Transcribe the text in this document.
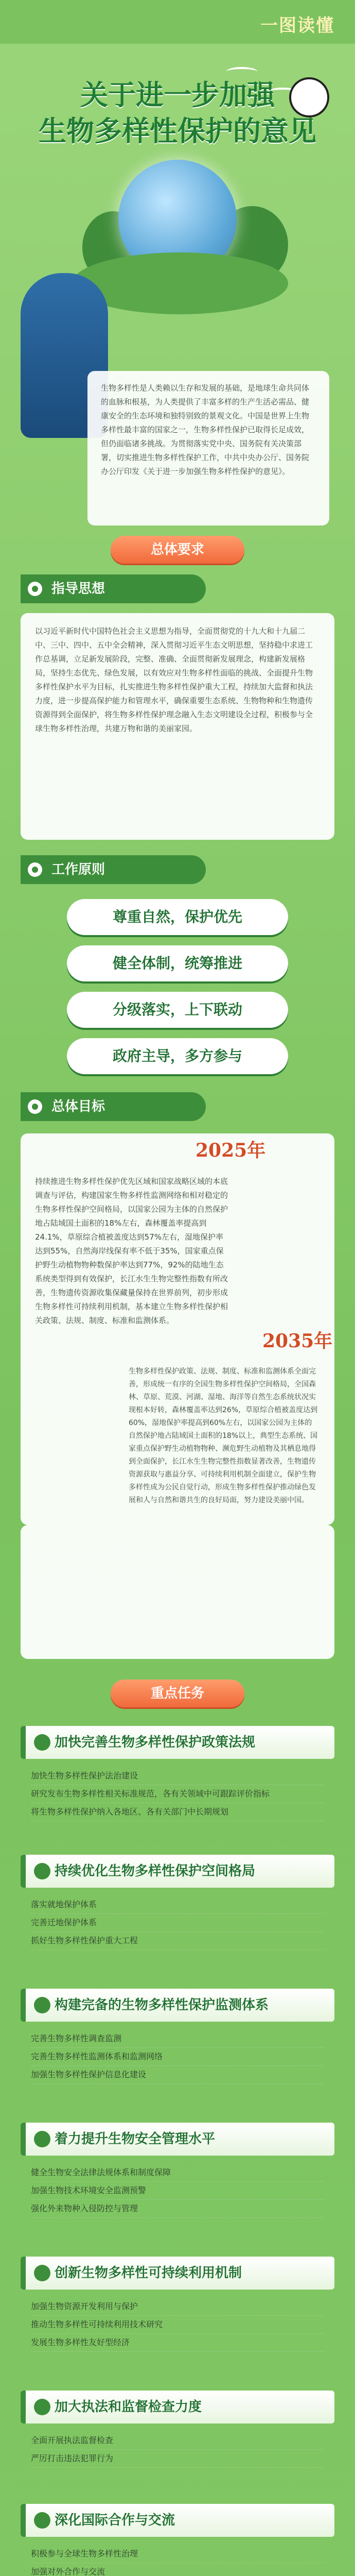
一图读懂
关于进一步加强
生物多样性保护的意见
生物多样性是人类赖以生存和发展的基础，是地球生命共同体的血脉和根基，为人类提供了丰富多样的生产生活必需品、健康安全的生态环境和独特别致的景观文化。中国是世界上生物多样性最丰富的国家之一，生物多样性保护已取得长足成效，但仍面临诸多挑战。为贯彻落实党中央、国务院有关决策部署，切实推进生物多样性保护工作，中共中央办公厅、国务院办公厅印发《关于进一步加强生物多样性保护的意见》。
总体要求
指导思想

以习近平新时代中国特色社会主义思想为指导，全面贯彻党的十九大和十九届二中、三中、四中、五中全会精神，深入贯彻习近平生态文明思想，坚持稳中求进工作总基调，立足新发展阶段，完整、准确、全面贯彻新发展理念，构建新发展格局，坚持生态优先、绿色发展，以有效应对生物多样性面临的挑战、全面提升生物多样性保护水平为目标，扎实推进生物多样性保护重大工程，持续加大监督和执法力度，进一步提高保护能力和管理水平，确保重要生态系统、生物物种和生物遗传资源得到全面保护，将生物多样性保护理念融入生态文明建设全过程，积极参与全球生物多样性治理，共建万物和谐的美丽家园。

工作原则
尊重自然，保护优先
健全体制，统筹推进
分级落实，上下联动
政府主导，多方参与
总体目标
2025年

持续推进生物多样性保护优先区域和国家战略区域的本底调查与评估，构建国家生物多样性监测网络和相对稳定的生物多样性保护空间格局，以国家公园为主体的自然保护地占陆域国土面积的18%左右，森林覆盖率提高到24.1%，草原综合植被盖度达到57%左右，湿地保护率达到55%，自然海岸线保有率不低于35%，国家重点保护野生动植物物种数保护率达到77%，92%的陆地生态系统类型得到有效保护，长江水生生物完整性指数有所改善，生物遗传资源收集保藏量保持在世界前列，初步形成生物多样性可持续利用机制，基本建立生物多样性保护相关政策、法规、制度、标准和监测体系。

2035年

生物多样性保护政策、法规、制度、标准和监测体系全面完善，形成统一有序的全国生物多样性保护空间格局，全国森林、草原、荒漠、河湖、湿地、海洋等自然生态系统状况实现根本好转，森林覆盖率达到26%，草原综合植被盖度达到60%，湿地保护率提高到60%左右，以国家公园为主体的自然保护地占陆域国土面积的18%以上，典型生态系统、国家重点保护野生动植物物种、濒危野生动植物及其栖息地得到全面保护，长江水生生物完整性指数显著改善，生物遗传资源获取与惠益分享、可持续利用机制全面建立，保护生物多样性成为公民自觉行动，形成生物多样性保护推动绿色发展和人与自然和谐共生的良好局面，努力建设美丽中国。

重点任务
加快完善生物多样性保护政策法规
加快生物多样性保护法治建设
研究发布生物多样性相关标准规范，各有关领域中可跟踪评价指标
将生物多样性保护纳入各地区、各有关部门中长期规划
持续优化生物多样性保护空间格局
落实就地保护体系
完善迁地保护体系
抓好生物多样性保护重大工程
构建完备的生物多样性保护监测体系
完善生物多样性调查监测
完善生物多样性监测体系和监测网络
加强生物多样性保护信息化建设
着力提升生物安全管理水平
健全生物安全法律法规体系和制度保障
加强生物技术环境安全监测预警
强化外来物种入侵防控与管理
创新生物多样性可持续利用机制
加强生物资源开发利用与保护
推动生物多样性可持续利用技术研究
发展生物多样性友好型经济
加大执法和监督检查力度
全面开展执法监督检查
严厉打击违法犯罪行为
深化国际合作与交流
积极参与全球生物多样性治理
加强对外合作与交流
